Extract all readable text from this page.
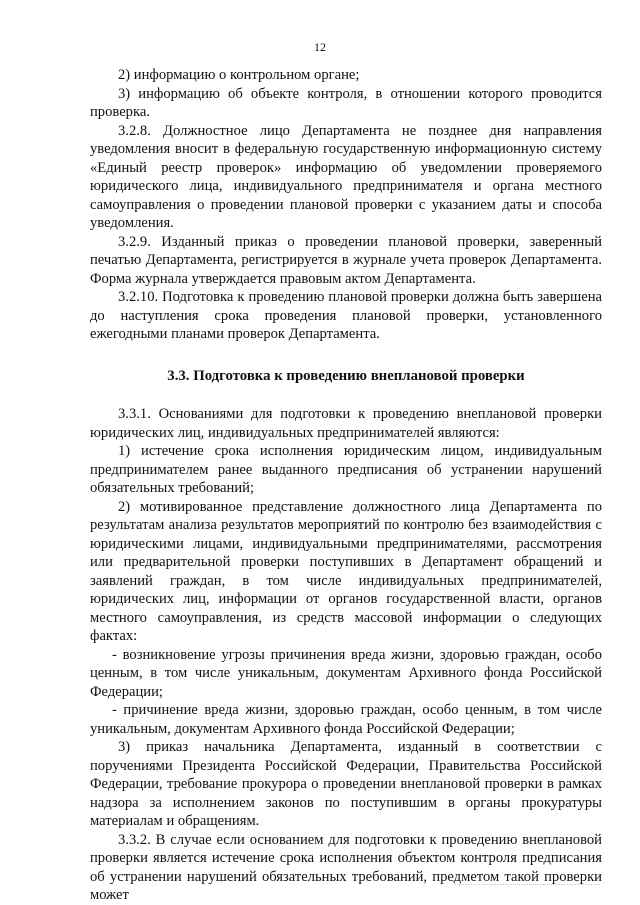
12

2) информацию о контрольном органе;

3) информацию об объекте контроля, в отношении которого проводится проверка.

3.2.8. Должностное лицо Департамента не позднее дня направления уведомления вносит в федеральную государственную информационную систему «Единый реестр проверок» информацию об уведомлении проверяемого юридического лица, индивидуального предпринимателя и органа местного самоуправления о проведении плановой проверки с указанием даты и способа уведомления.

3.2.9. Изданный приказ о проведении плановой проверки, заверенный печатью Департамента, регистрируется в журнале учета проверок Департамента. Форма журнала утверждается правовым актом Департамента.

3.2.10. Подготовка к проведению плановой проверки должна быть завершена до наступления срока проведения плановой проверки, установленного ежегодными планами проверок Департамента.

3.3. Подготовка к проведению внеплановой проверки

3.3.1. Основаниями для подготовки к проведению внеплановой проверки юридических лиц, индивидуальных предпринимателей являются:

1) истечение срока исполнения юридическим лицом, индивидуальным предпринимателем ранее выданного предписания об устранении нарушений обязательных требований;

2) мотивированное представление должностного лица Департамента по результатам анализа результатов мероприятий по контролю без взаимодействия с юридическими лицами, индивидуальными предпринимателями, рассмотрения или предварительной проверки поступивших в Департамент обращений и заявлений граждан, в том числе индивидуальных предпринимателей, юридических лиц, информации от органов государственной власти, органов местного самоуправления, из средств массовой информации о следующих фактах:

- возникновение угрозы причинения вреда жизни, здоровью граждан, особо ценным, в том числе уникальным, документам Архивного фонда Российской Федерации;

- причинение вреда жизни, здоровью граждан, особо ценным, в том числе уникальным, документам Архивного фонда Российской Федерации;

3) приказ начальника Департамента, изданный в соответствии с поручениями Президента Российской Федерации, Правительства Российской Федерации, требование прокурора о проведении внеплановой проверки в рамках надзора за исполнением законов по поступившим в органы прокуратуры материалам и обращениям.

3.3.2. В случае если основанием для подготовки к проведению внеплановой проверки является истечение срока исполнения объектом контроля предписания об устранении нарушений обязательных требований, предметом такой проверки может
